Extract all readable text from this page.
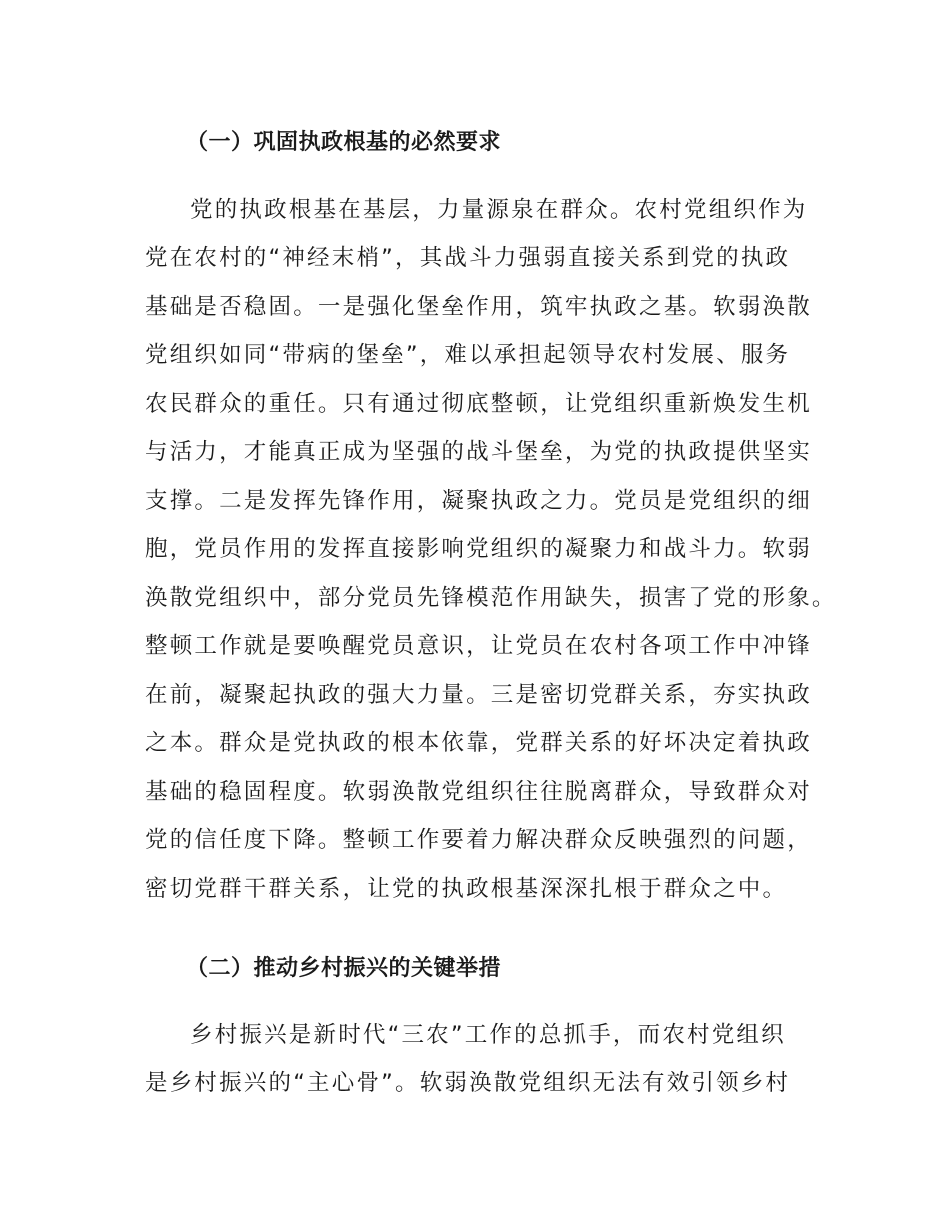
（一）巩固执政根基的必然要求
党的执政根基在基层，力量源泉在群众。农村党组织作为
党在农村的“神经末梢”，其战斗力强弱直接关系到党的执政
基础是否稳固。一是强化堡垒作用，筑牢执政之基。软弱涣散
党组织如同“带病的堡垒”，难以承担起领导农村发展、服务
农民群众的重任。只有通过彻底整顿，让党组织重新焕发生机
与活力，才能真正成为坚强的战斗堡垒，为党的执政提供坚实
支撑。二是发挥先锋作用，凝聚执政之力。党员是党组织的细
胞，党员作用的发挥直接影响党组织的凝聚力和战斗力。软弱
涣散党组织中，部分党员先锋模范作用缺失，损害了党的形象。
整顿工作就是要唤醒党员意识，让党员在农村各项工作中冲锋
在前，凝聚起执政的强大力量。三是密切党群关系，夯实执政
之本。群众是党执政的根本依靠，党群关系的好坏决定着执政
基础的稳固程度。软弱涣散党组织往往脱离群众，导致群众对
党的信任度下降。整顿工作要着力解决群众反映强烈的问题，
密切党群干群关系，让党的执政根基深深扎根于群众之中。
（二）推动乡村振兴的关键举措
乡村振兴是新时代“三农”工作的总抓手，而农村党组织
是乡村振兴的“主心骨”。软弱涣散党组织无法有效引领乡村
